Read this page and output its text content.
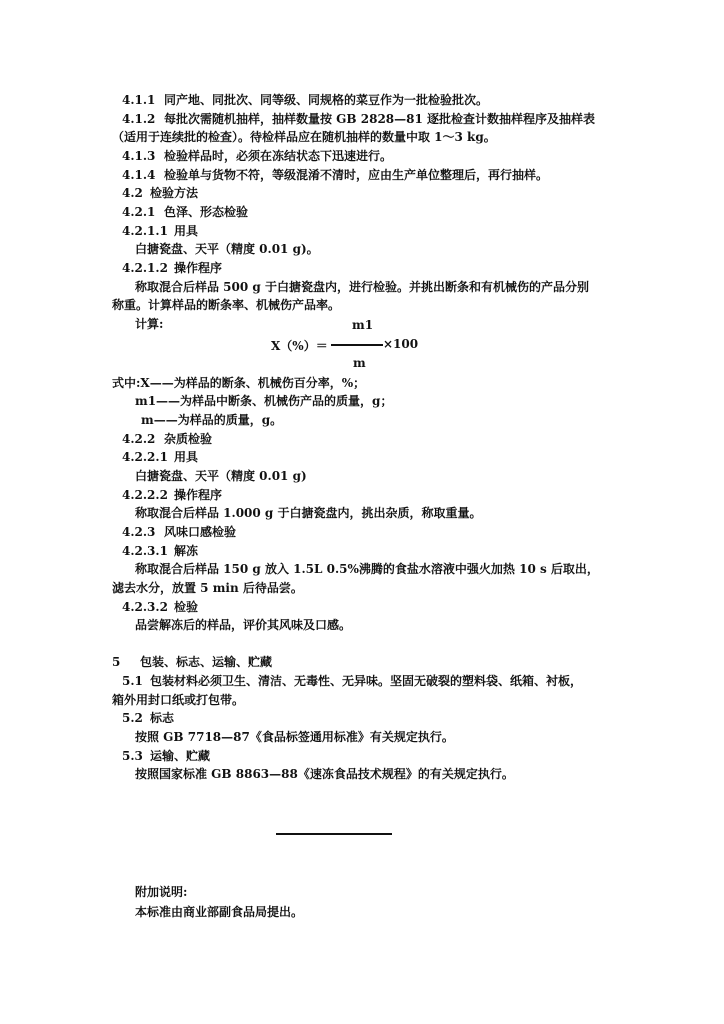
4.1.1 同产地、同批次、同等级、同规格的菜豆作为一批检验批次。
4.1.2 每批次需随机抽样，抽样数量按 GB 2828—81 逐批检查计数抽样程序及抽样表
（适用于连续批的检查）。待检样品应在随机抽样的数量中取 1～3 kg。
4.1.3 检验样品时，必须在冻结状态下迅速进行。
4.1.4 检验单与货物不符，等级混淆不清时，应由生产单位整理后，再行抽样。
4.2 检验方法
4.2.1 色泽、形态检验
4.2.1.1 用具
白搪瓷盘、天平（精度 0.01 g)。
4.2.1.2 操作程序
称取混合后样品 500 g 于白搪瓷盘内，进行检验。并挑出断条和有机械伤的产品分别
称重。计算样品的断条率、机械伤产品率。
计算:	m1
X（%）＝	×100
m
式中:X——为样品的断条、机械伤百分率，%；
m1——为样品中断条、机械伤产品的质量，g；
m——为样品的质量，g。
4.2.2 杂质检验
4.2.2.1 用具
白搪瓷盘、天平（精度 0.01 g)
4.2.2.2 操作程序
称取混合后样品 1.000 g 于白搪瓷盘内，挑出杂质，称取重量。
4.2.3 风味口感检验
4.2.3.1 解冻
称取混合后样品 150 g 放入 1.5L 0.5%沸腾的食盐水溶液中强火加热 10 s 后取出，
滤去水分，放置 5 min 后待品尝。
4.2.3.2 检验
品尝解冻后的样品，评价其风味及口感。
5 包装、标志、运输、贮藏
5.1 包装材料必须卫生、清洁、无毒性、无异味。坚固无破裂的塑料袋、纸箱、衬板，
箱外用封口纸或打包带。
5.2 标志
按照 GB 7718—87《食品标签通用标准》有关规定执行。
5.3 运输、贮藏
按照国家标准 GB 8863—88《速冻食品技术规程》的有关规定执行。
附加说明:
本标准由商业部副食品局提出。
